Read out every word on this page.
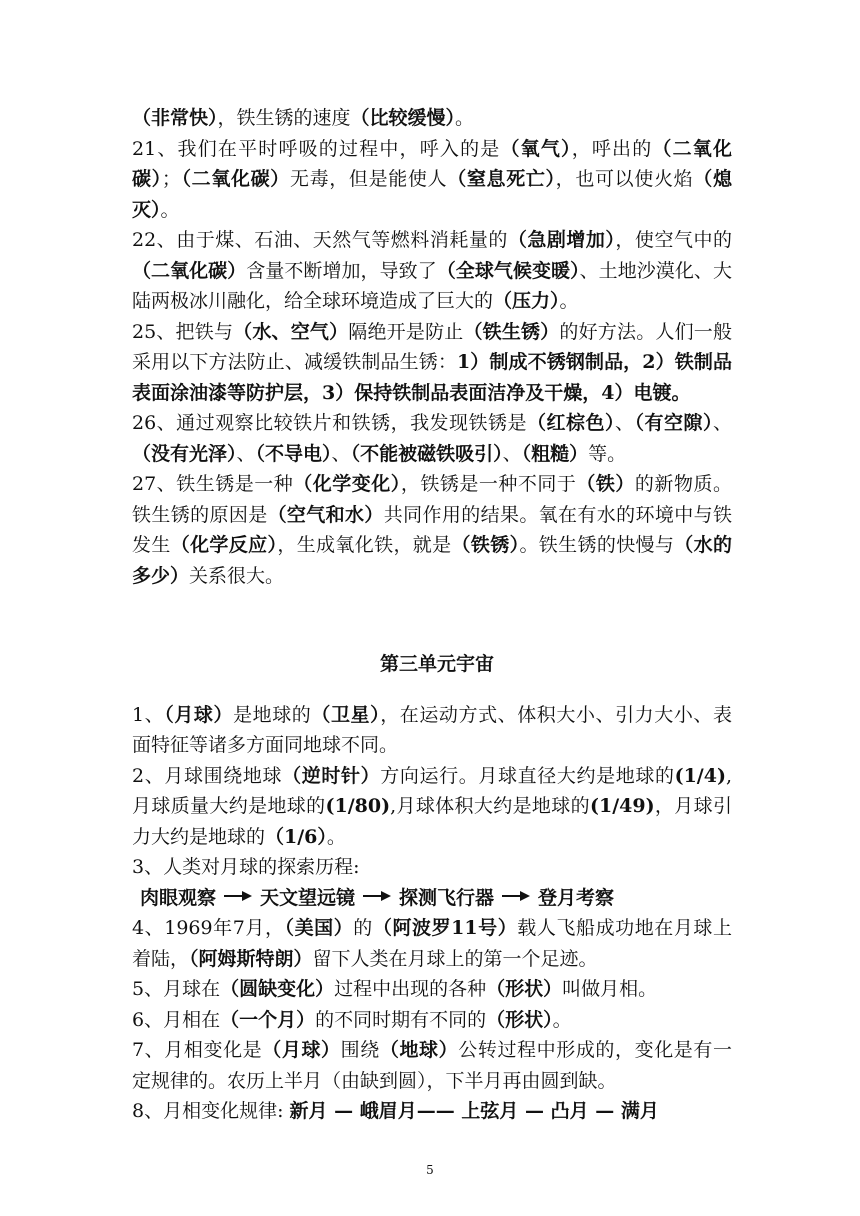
（非常快），铁生锈的速度（比较缓慢）。
21、我们在平时呼吸的过程中，呼入的是（氧气），呼出的（二氧化碳）；（二氧化碳）无毒，但是能使人（窒息死亡），也可以使火焰（熄灭）。
22、由于煤、石油、天然气等燃料消耗量的（急剧增加），使空气中的（二氧化碳）含量不断增加，导致了（全球气候变暖）、土地沙漠化、大陆两极冰川融化，给全球环境造成了巨大的（压力）。
25、把铁与（水、空气）隔绝开是防止（铁生锈）的好方法。人们一般采用以下方法防止、减缓铁制品生锈：1）制成不锈钢制品，2）铁制品表面涂油漆等防护层，3）保持铁制品表面洁净及干燥，4）电镀。
26、通过观察比较铁片和铁锈，我发现铁锈是（红棕色）、（有空隙）、（没有光泽）、（不导电）、（不能被磁铁吸引）、（粗糙）等。
27、铁生锈是一种（化学变化），铁锈是一种不同于（铁）的新物质。铁生锈的原因是（空气和水）共同作用的结果。氧在有水的环境中与铁发生（化学反应），生成氧化铁，就是（铁锈）。铁生锈的快慢与（水的多少）关系很大。
第三单元宇宙
1、（月球）是地球的（卫星），在运动方式、体积大小、引力大小、表面特征等诸多方面同地球不同。
2、月球围绕地球（逆时针）方向运行。月球直径大约是地球的(1/4),月球质量大约是地球的(1/80),月球体积大约是地球的(1/49)，月球引力大约是地球的（1/6）。
3、人类对月球的探索历程:
肉眼观察 天文望远镜 探测飞行器 登月考察
4、1969年7月，（美国）的（阿波罗11号）载人飞船成功地在月球上着陆，（阿姆斯特朗）留下人类在月球上的第一个足迹。
5、月球在（圆缺变化）过程中出现的各种（形状）叫做月相。
6、月相在（一个月）的不同时期有不同的（形状）。
7、月相变化是（月球）围绕（地球）公转过程中形成的，变化是有一定规律的。农历上半月（由缺到圆），下半月再由圆到缺。
8、月相变化规律: 新月 — 峨眉月—— 上弦月 — 凸月 — 满月
5
